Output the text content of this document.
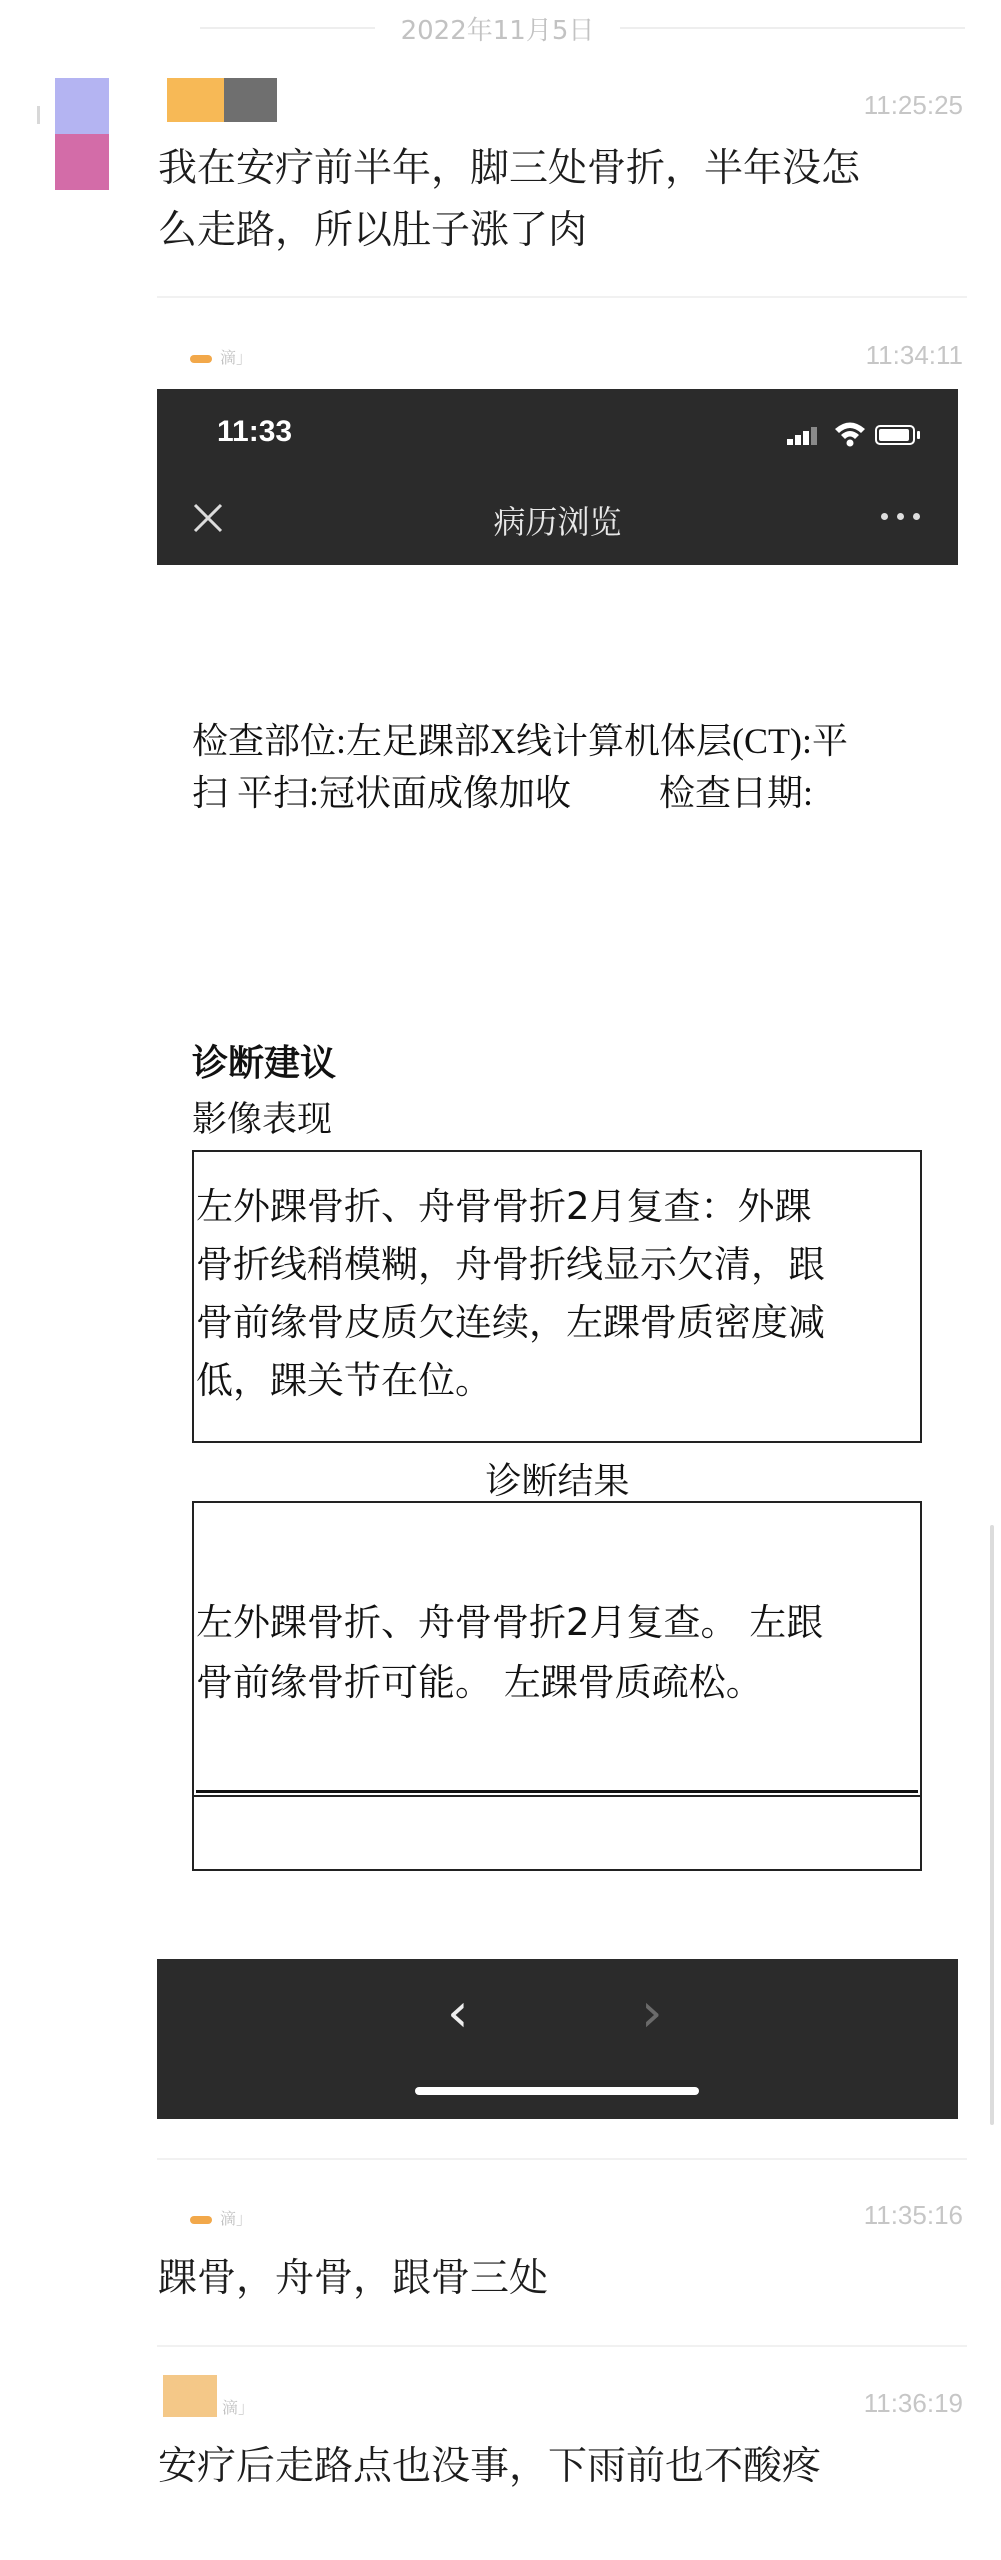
2022年11月5日
11:25:25
我在安疗前半年，脚三处骨折，半年没怎
么走路，所以肚子涨了肉
滴」	11:34:11
11:33
病历浏览
检查部位:左足踝部X线计算机体层(CT):平
扫 平扫:冠状面成像加收 检查日期:
诊断建议
影像表现
左外踝骨折、舟骨骨折2月复查：外踝
骨折线稍模糊，舟骨折线显示欠清，跟
骨前缘骨皮质欠连续，左踝骨质密度减
低，踝关节在位。
诊断结果
左外踝骨折、舟骨骨折2月复查。 左跟
骨前缘骨折可能。 左踝骨质疏松。
‹	›
滴」	11:35:16
踝骨，舟骨，跟骨三处
滴」	11:36:19
安疗后走路点也没事，下雨前也不酸疼
